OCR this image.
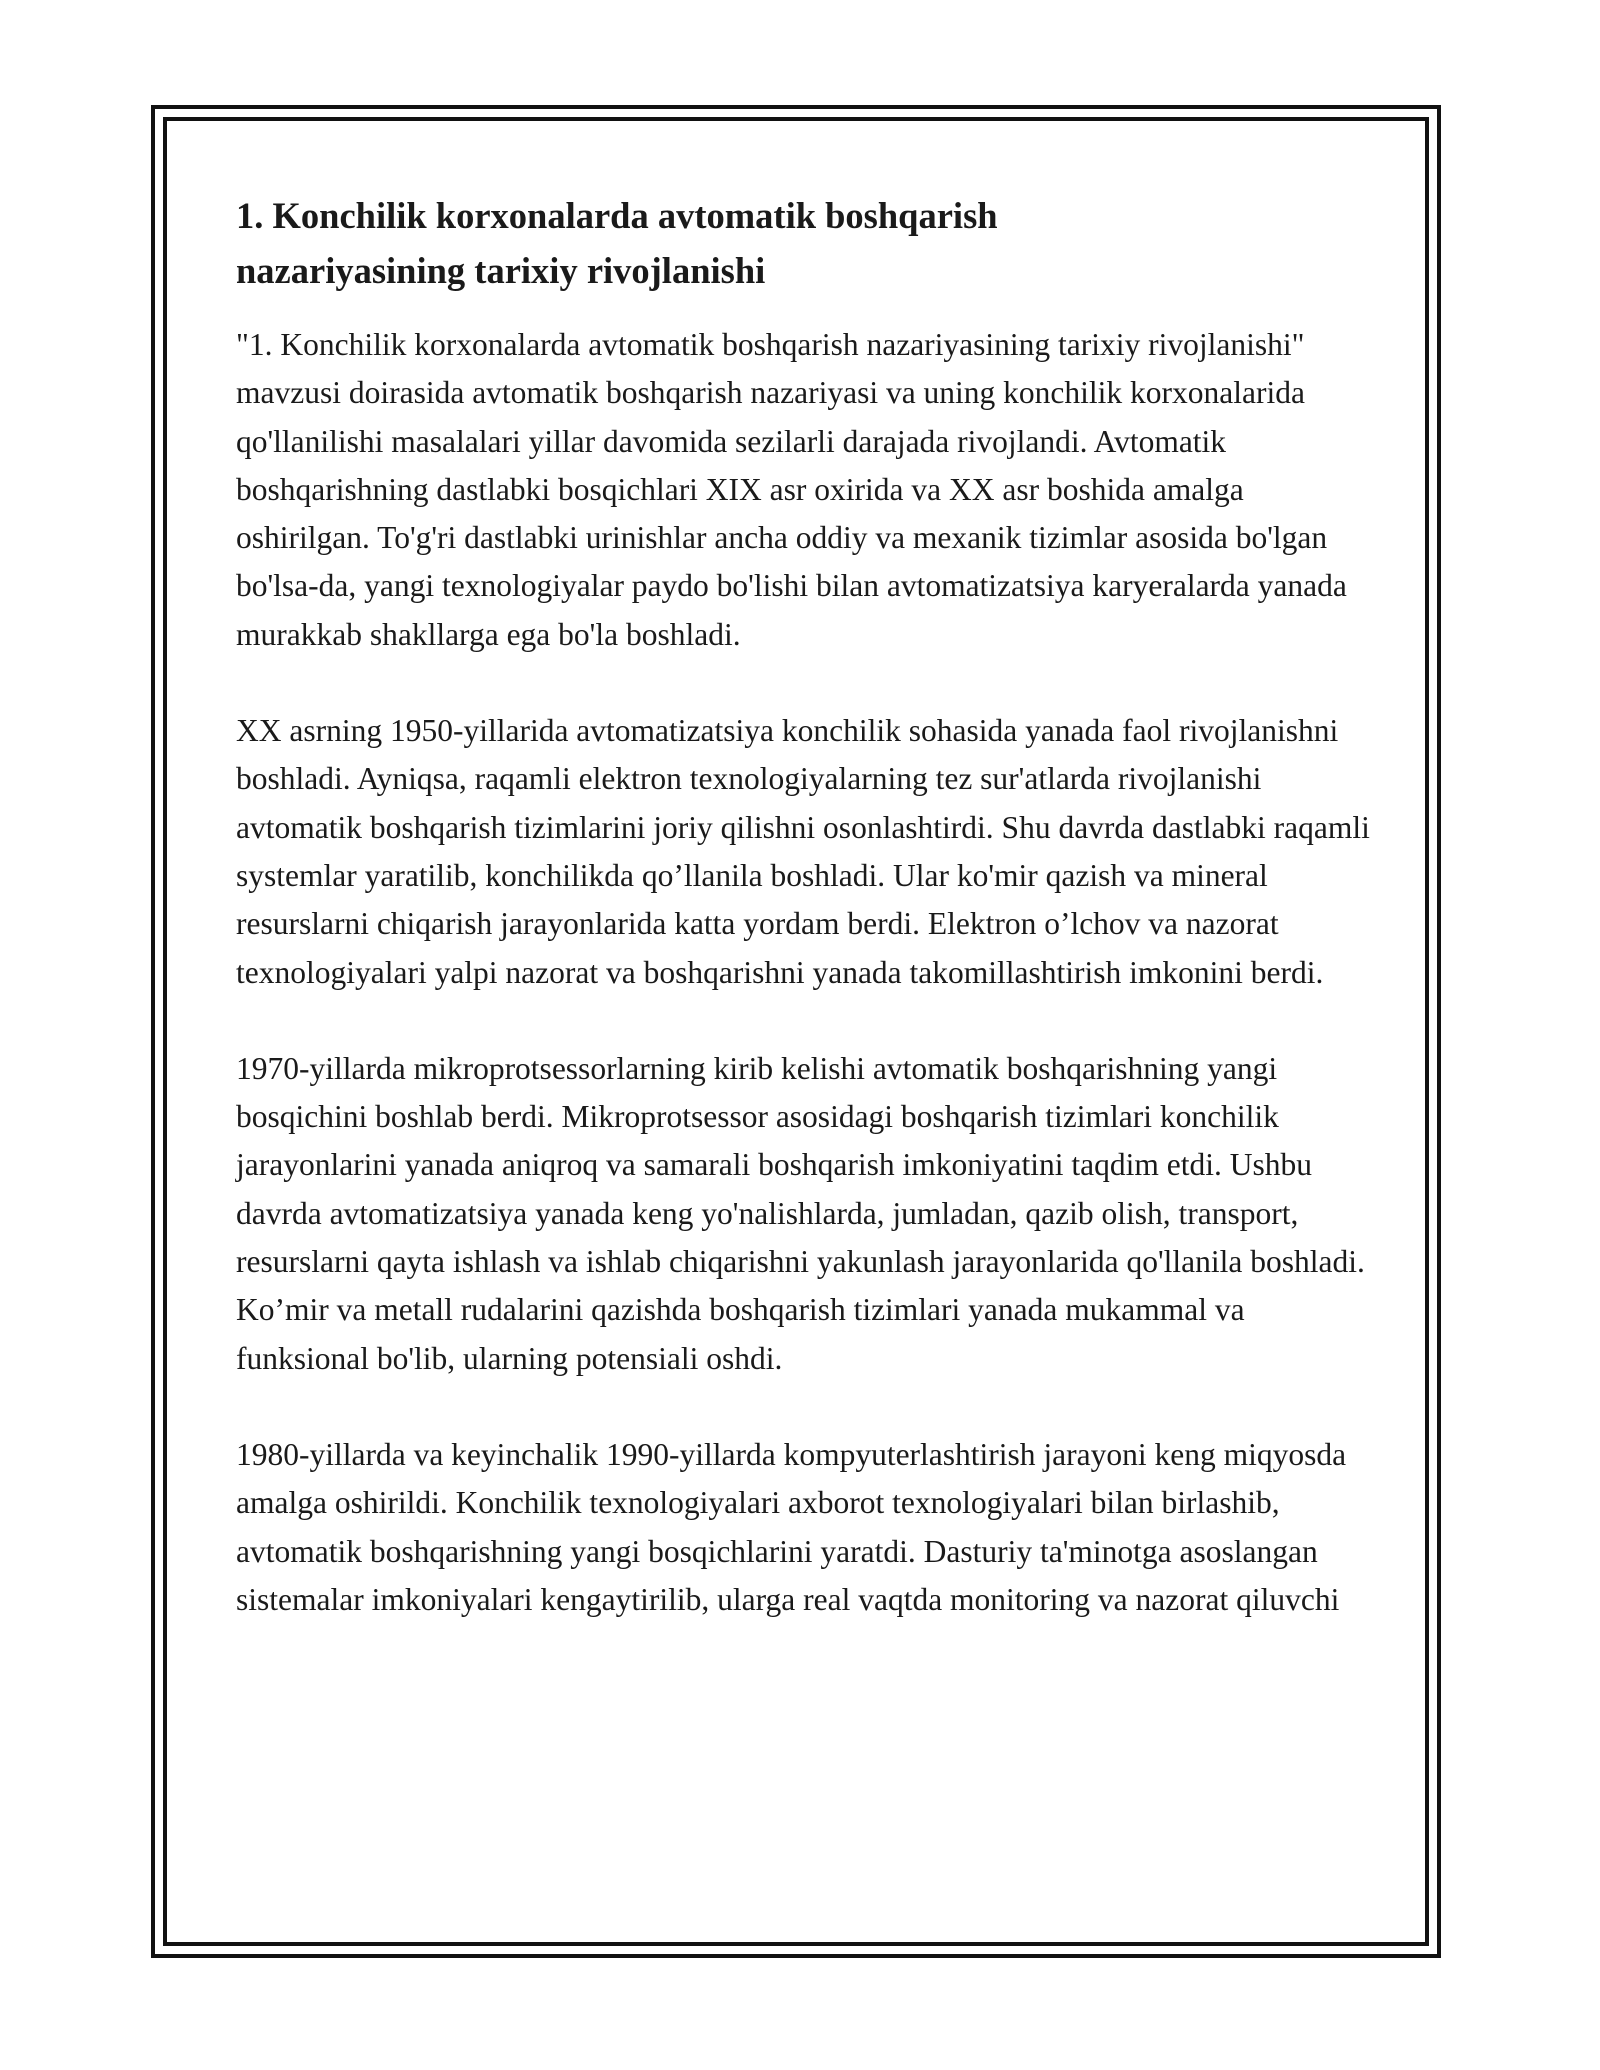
1. Konchilik korxonalarda avtomatik boshqarish nazariyasining tarixiy rivojlanishi

"1. Konchilik korxonalarda avtomatik boshqarish nazariyasining tarixiy rivojlanishi" mavzusi doirasida avtomatik boshqarish nazariyasi va uning konchilik korxonalarida qo'llanilishi masalalari yillar davomida sezilarli darajada rivojlandi. Avtomatik boshqarishning dastlabki bosqichlari XIX asr oxirida va XX asr boshida amalga oshirilgan. To'g'ri dastlabki urinishlar ancha oddiy va mexanik tizimlar asosida bo'lgan bo'lsa-da, yangi texnologiyalar paydo bo'lishi bilan avtomatizatsiya karyeralarda yanada murakkab shakllarga ega bo'la boshladi.

XX asrning 1950-yillarida avtomatizatsiya konchilik sohasida yanada faol rivojlanishni boshladi. Ayniqsa, raqamli elektron texnologiyalarning tez sur'atlarda rivojlanishi avtomatik boshqarish tizimlarini joriy qilishni osonlashtirdi. Shu davrda dastlabki raqamli systemlar yaratilib, konchilikda qo’llanila boshladi. Ular ko'mir qazish va mineral resurslarni chiqarish jarayonlarida katta yordam berdi. Elektron o’lchov va nazorat texnologiyalari yalpi nazorat va boshqarishni yanada takomillashtirish imkonini berdi.

1970-yillarda mikroprotsessorlarning kirib kelishi avtomatik boshqarishning yangi bosqichini boshlab berdi. Mikroprotsessor asosidagi boshqarish tizimlari konchilik jarayonlarini yanada aniqroq va samarali boshqarish imkoniyatini taqdim etdi. Ushbu davrda avtomatizatsiya yanada keng yo'nalishlarda, jumladan, qazib olish, transport, resurslarni qayta ishlash va ishlab chiqarishni yakunlash jarayonlarida qo'llanila boshladi. Ko’mir va metall rudalarini qazishda boshqarish tizimlari yanada mukammal va funksional bo'lib, ularning potensiali oshdi.

1980-yillarda va keyinchalik 1990-yillarda kompyuterlashtirish jarayoni keng miqyosda amalga oshirildi. Konchilik texnologiyalari axborot texnologiyalari bilan birlashib, avtomatik boshqarishning yangi bosqichlarini yaratdi. Dasturiy ta'minotga asoslangan sistemalar imkoniyalari kengaytirilib, ularga real vaqtda monitoring va nazorat qiluvchi
